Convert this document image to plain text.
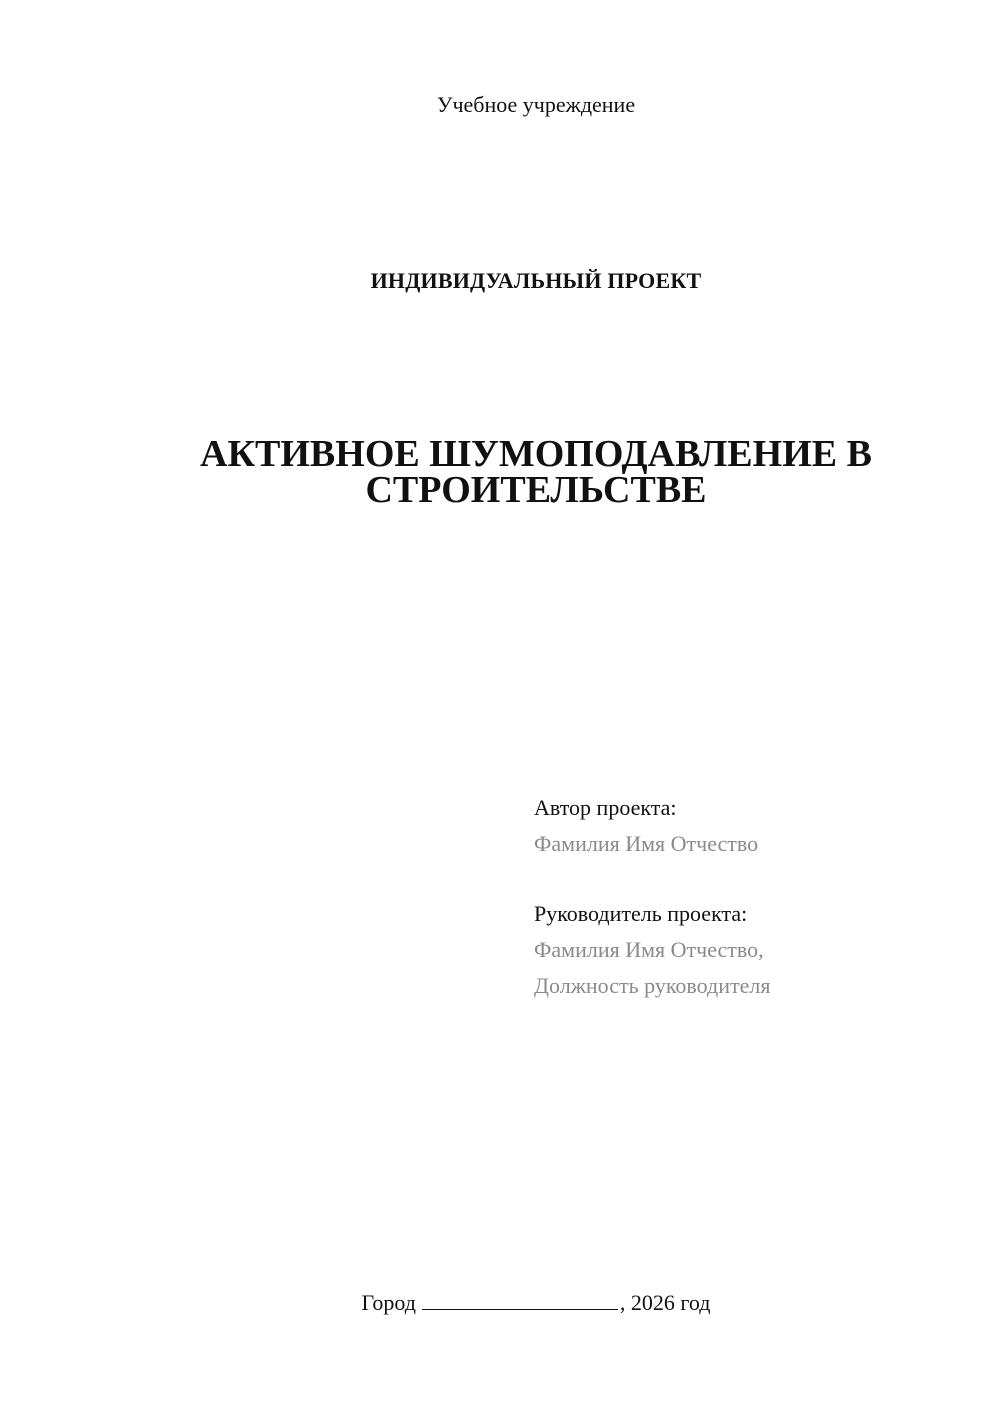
Учебное учреждение
ИНДИВИДУАЛЬНЫЙ ПРОЕКТ
АКТИВНОЕ ШУМОПОДАВЛЕНИЕ В
СТРОИТЕЛЬСТВЕ
Автор проекта:
Фамилия Имя Отчество
Руководитель проекта:
Фамилия Имя Отчество,
Должность руководителя
Город	, 2026 год
